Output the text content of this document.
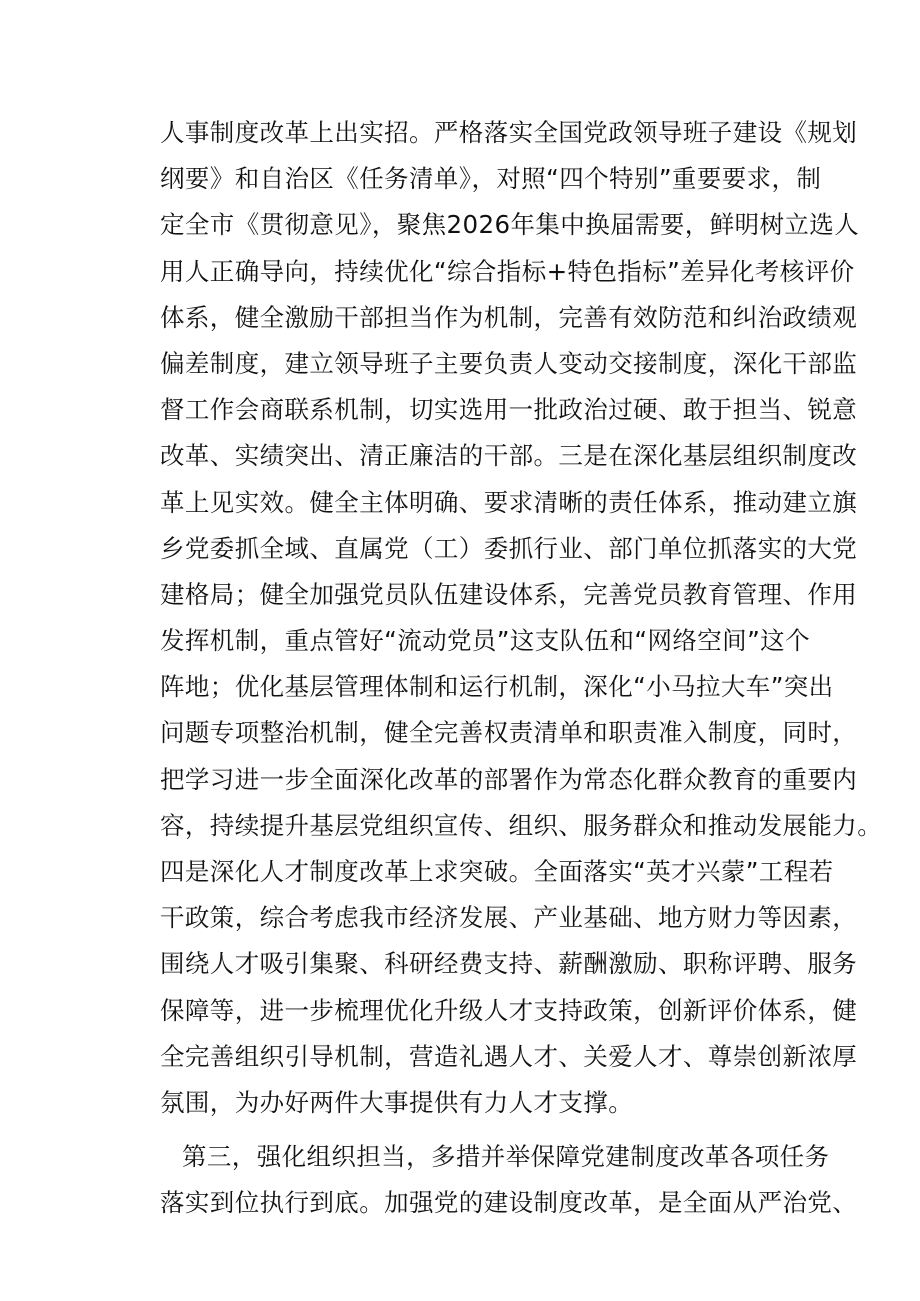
人事制度改革上出实招。严格落实全国党政领导班子建设《规划
纲要》和自治区《任务清单》，对照“四个特别”重要要求，制
定全市《贯彻意见》，聚焦2026年集中换届需要，鲜明树立选人
用人正确导向，持续优化“综合指标+特色指标”差异化考核评价
体系，健全激励干部担当作为机制，完善有效防范和纠治政绩观
偏差制度，建立领导班子主要负责人变动交接制度，深化干部监
督工作会商联系机制，切实选用一批政治过硬、敢于担当、锐意
改革、实绩突出、清正廉洁的干部。三是在深化基层组织制度改
革上见实效。健全主体明确、要求清晰的责任体系，推动建立旗
乡党委抓全域、直属党（工）委抓行业、部门单位抓落实的大党
建格局；健全加强党员队伍建设体系，完善党员教育管理、作用
发挥机制，重点管好“流动党员”这支队伍和“网络空间”这个
阵地；优化基层管理体制和运行机制，深化“小马拉大车”突出
问题专项整治机制，健全完善权责清单和职责准入制度，同时，
把学习进一步全面深化改革的部署作为常态化群众教育的重要内
容，持续提升基层党组织宣传、组织、服务群众和推动发展能力。
四是深化人才制度改革上求突破。全面落实“英才兴蒙”工程若
干政策，综合考虑我市经济发展、产业基础、地方财力等因素，
围绕人才吸引集聚、科研经费支持、薪酬激励、职称评聘、服务
保障等，进一步梳理优化升级人才支持政策，创新评价体系，健
全完善组织引导机制，营造礼遇人才、关爱人才、尊崇创新浓厚
氛围，为办好两件大事提供有力人才支撑。
第三，强化组织担当，多措并举保障党建制度改革各项任务
落实到位执行到底。加强党的建设制度改革，是全面从严治党、
